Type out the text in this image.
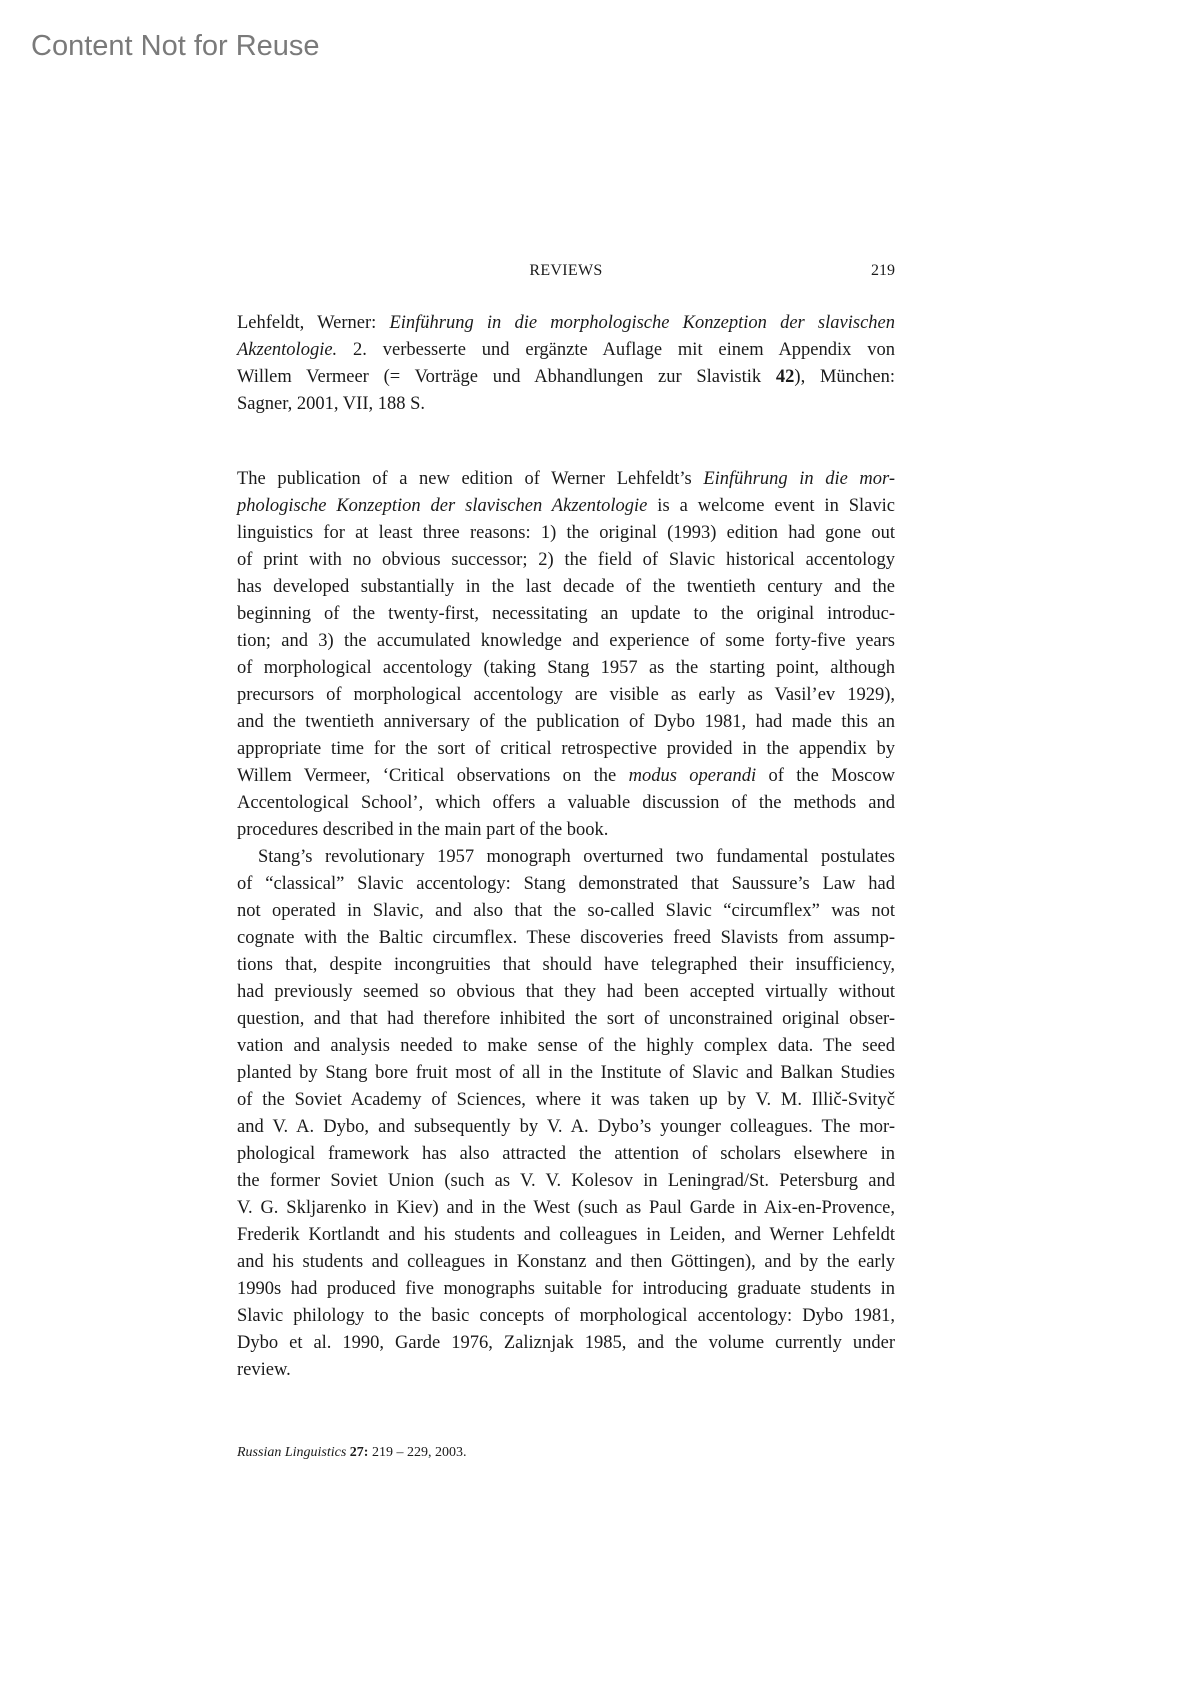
Content Not for Reuse
REVIEWS	219
Lehfeldt, Werner: Einführung in die morphologische Konzeption der slavischen
Akzentologie. 2. verbesserte und ergänzte Auflage mit einem Appendix von
Willem Vermeer (= Vorträge und Abhandlungen zur Slavistik 42), München:
Sagner, 2001, VII, 188 S.
The publication of a new edition of Werner Lehfeldt’s Einführung in die mor-
phologische Konzeption der slavischen Akzentologie is a welcome event in Slavic
linguistics for at least three reasons: 1) the original (1993) edition had gone out
of print with no obvious successor; 2) the field of Slavic historical accentology
has developed substantially in the last decade of the twentieth century and the
beginning of the twenty-first, necessitating an update to the original introduc-
tion; and 3) the accumulated knowledge and experience of some forty-five years
of morphological accentology (taking Stang 1957 as the starting point, although
precursors of morphological accentology are visible as early as Vasil’ev 1929),
and the twentieth anniversary of the publication of Dybo 1981, had made this an
appropriate time for the sort of critical retrospective provided in the appendix by
Willem Vermeer, ‘Critical observations on the modus operandi of the Moscow
Accentological School’, which offers a valuable discussion of the methods and
procedures described in the main part of the book.
Stang’s revolutionary 1957 monograph overturned two fundamental postulates
of “classical” Slavic accentology: Stang demonstrated that Saussure’s Law had
not operated in Slavic, and also that the so-called Slavic “circumflex” was not
cognate with the Baltic circumflex. These discoveries freed Slavists from assump-
tions that, despite incongruities that should have telegraphed their insufficiency,
had previously seemed so obvious that they had been accepted virtually without
question, and that had therefore inhibited the sort of unconstrained original obser-
vation and analysis needed to make sense of the highly complex data. The seed
planted by Stang bore fruit most of all in the Institute of Slavic and Balkan Studies
of the Soviet Academy of Sciences, where it was taken up by V. M. Illič-Svityč
and V. A. Dybo, and subsequently by V. A. Dybo’s younger colleagues. The mor-
phological framework has also attracted the attention of scholars elsewhere in
the former Soviet Union (such as V. V. Kolesov in Leningrad/St. Petersburg and
V. G. Skljarenko in Kiev) and in the West (such as Paul Garde in Aix-en-Provence,
Frederik Kortlandt and his students and colleagues in Leiden, and Werner Lehfeldt
and his students and colleagues in Konstanz and then Göttingen), and by the early
1990s had produced five monographs suitable for introducing graduate students in
Slavic philology to the basic concepts of morphological accentology: Dybo 1981,
Dybo et al. 1990, Garde 1976, Zaliznjak 1985, and the volume currently under
review.
Russian Linguistics 27: 219 – 229, 2003.
